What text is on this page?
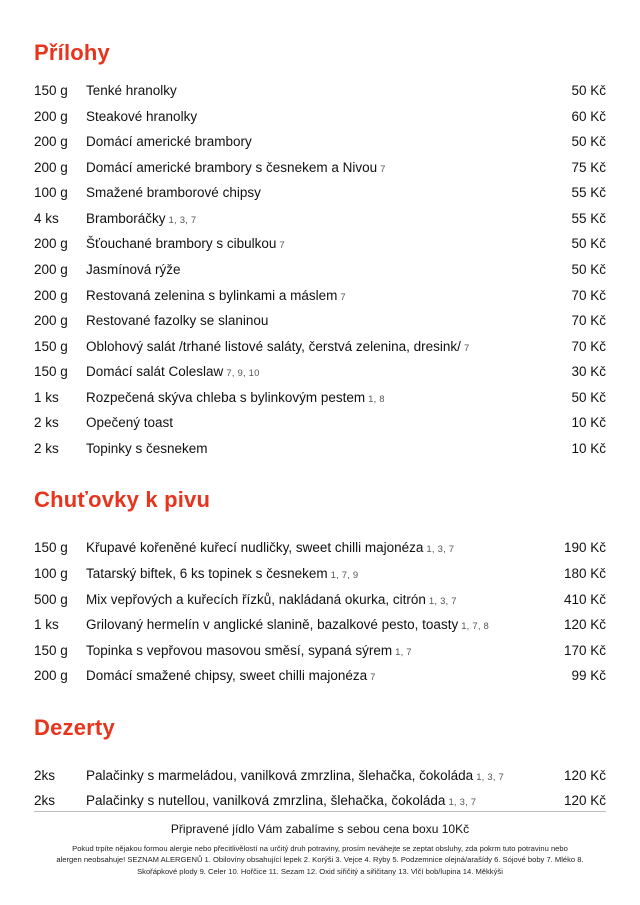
Přílohy
150 g	Tenké hranolky	50 Kč
200 g	Steakové hranolky	60 Kč
200 g	Domácí americké brambory	50 Kč
200 g	Domácí americké brambory s česnekem a Nivou 7	75 Kč
100 g	Smažené bramborové chipsy	55 Kč
4 ks	Bramboráčky 1, 3, 7	55 Kč
200 g	Šťouchané brambory s cibulkou 7	50 Kč
200 g	Jasmínová rýže	50 Kč
200 g	Restovaná zelenina s bylinkami a máslem 7	70 Kč
200 g	Restované fazolky se slaninou	70 Kč
150 g	Oblohový salát /trhané listové saláty, čerstvá zelenina, dresink/ 7	70 Kč
150 g	Domácí salát Coleslaw 7, 9, 10	30 Kč
1 ks	Rozpečená skýva chleba s bylinkovým pestem 1, 8	50 Kč
2 ks	Opečený toast	10 Kč
2 ks	Topinky s česnekem	10 Kč
Chuťovky k pivu
150 g	Křupavé kořeněné kuřecí nudličky, sweet chilli majonéza 1, 3, 7	190 Kč
100 g	Tatarský biftek, 6 ks topinek s česnekem 1, 7, 9	180 Kč
500 g	Mix vepřových a kuřecích řízků, nakládaná okurka, citrón 1, 3, 7	410 Kč
1 ks	Grilovaný hermelín v anglické slanině, bazalkové pesto, toasty 1, 7, 8	120 Kč
150 g	Topinka s vepřovou masovou směsí, sypaná sýrem 1, 7	170 Kč
200 g	Domácí smažené chipsy, sweet chilli majonéza 7	99 Kč
Dezerty
2ks	Palačinky s marmeládou, vanilková zmrzlina, šlehačka, čokoláda 1, 3, 7	120 Kč
2ks	Palačinky s nutellou, vanilková zmrzlina, šlehačka, čokoláda 1, 3, 7	120 Kč
Připravené jídlo Vám zabalíme s sebou cena boxu 10Kč
Pokud trpíte nějakou formou alergie nebo přecitlivělostí na určitý druh potraviny, prosím neváhejte se zeptat obsluhy, zda pokrm tuto potravinu nebo
alergen neobsahuje! SEZNAM ALERGENŮ 1. Obilovíny obsahující lepek 2. Korýši 3. Vejce 4. Ryby 5. Podzemnice olejná/arašídy 6. Sójové boby 7. Mléko 8.
Skořápkové plody 9. Celer 10. Hořčice 11. Sezam 12. Oxid siřičitý a siřičitany 13. Vlčí bob/lupina 14. Měkkýši
